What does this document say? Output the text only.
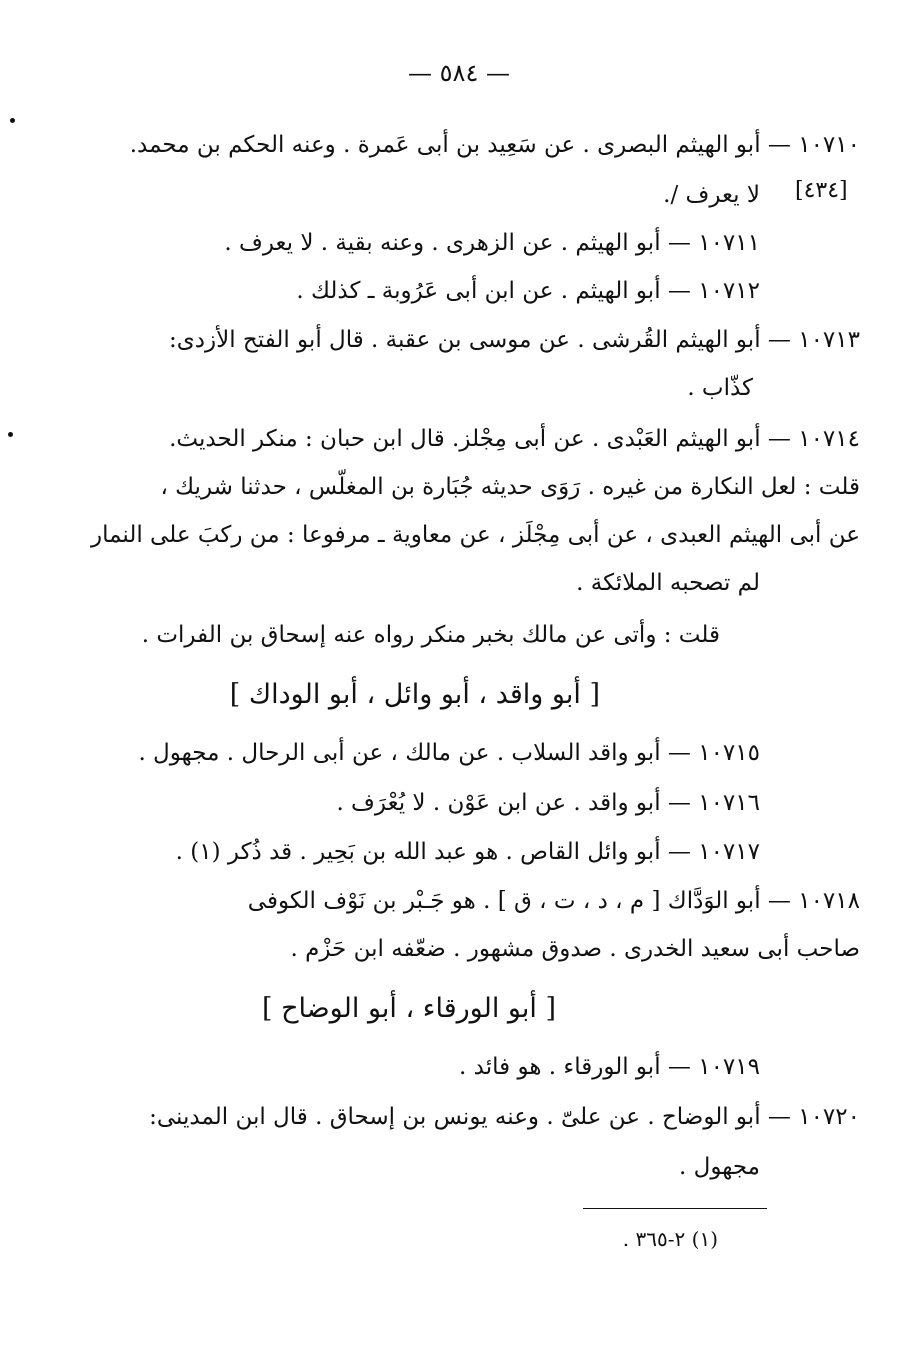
— ٥٨٤ —
[٤٣٤]
١٠٧١٠ — أبو الهيثم البصرى . عن سَعِيد بن أبى عَمرة . وعنه الحكم بن محمد.
لا يعرف /.
١٠٧١١ — أبو الهيثم . عن الزهرى . وعنه بقية . لا يعرف .
١٠٧١٢ — أبو الهيثم . عن ابن أبى عَرُوبة ـ كذلك .
١٠٧١٣ — أبو الهيثم القُرشى . عن موسى بن عقبة . قال أبو الفتح الأزدى:
كذّاب .
١٠٧١٤ — أبو الهيثم العَبْدى . عن أبى مِجْلز. قال ابن حبان : منكر الحديث.
قلت : لعل النكارة من غيره . رَوَى حديثه جُبَارة بن المغلّس ، حدثنا شريك ،
عن أبى الهيثم العبدى ، عن أبى مِجْلَز ، عن معاوية ـ مرفوعا : من ركبَ على النمار
لم تصحبه الملائكة .
قلت : وأتى عن مالك بخبر منكر رواه عنه إسحاق بن الفرات .
[ أبو واقد ، أبو وائل ، أبو الوداك ]
١٠٧١٥ — أبو واقد السلاب . عن مالك ، عن أبى الرحال . مجهول .
١٠٧١٦ — أبو واقد . عن ابن عَوْن . لا يُعْرَف .
١٠٧١٧ — أبو وائل القاص . هو عبد الله بن بَحِير . قد ذُكر (١) .
١٠٧١٨ — أبو الوَدَّاك [ م ، د ، ت ، ق ] . هو جَـبْر بن نَوْف الكوفى
صاحب أبى سعيد الخدرى . صدوق مشهور . ضعّفه ابن حَزْم .
[ أبو الورقاء ، أبو الوضاح ]
١٠٧١٩ — أبو الورقاء . هو فائد .
١٠٧٢٠ — أبو الوضاح . عن علىّ . وعنه يونس بن إسحاق . قال ابن المدينى:
مجهول .
(١) ٢-٣٦٥ .
